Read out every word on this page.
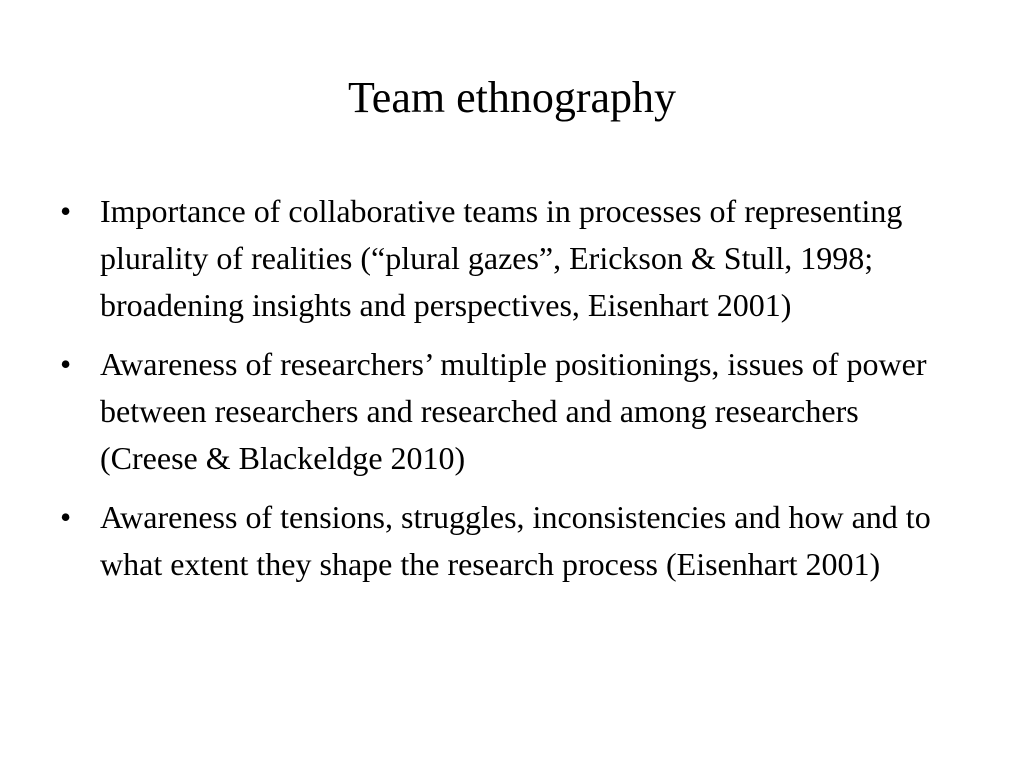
Team ethnography
• Importance of collaborative teams in processes of representing plurality of realities (“plural gazes”, Erickson & Stull, 1998; broadening insights and perspectives, Eisenhart 2001)
• Awareness of researchers’ multiple positionings, issues of power between researchers and researched and among researchers (Creese & Blackeldge 2010)
• Awareness of tensions, struggles, inconsistencies and how and to what extent they shape the research process (Eisenhart 2001)
